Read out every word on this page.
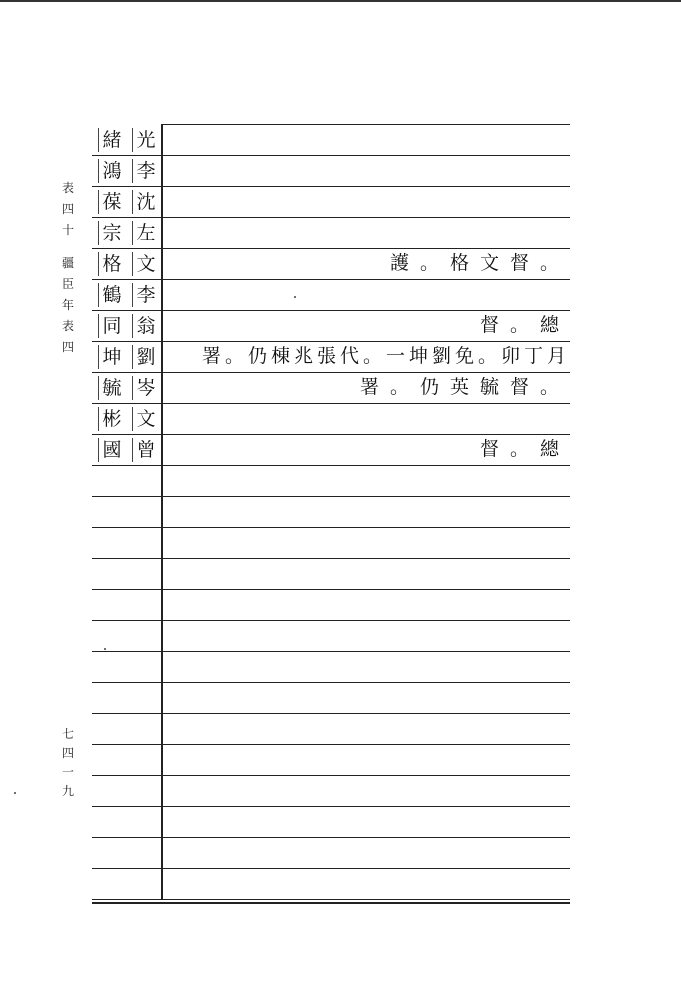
表
四
十
疆
臣
年
表
四
七
四
一
九
光
緒
李
鴻
沈
葆
左
宗
文
格
李
鶴
翁
同
劉
坤
岑
毓
文
彬
曾
國
護。格文督。
督。總
署。仍棟兆張代。一坤劉免。卯丁月
署。仍英毓督。
督。總
